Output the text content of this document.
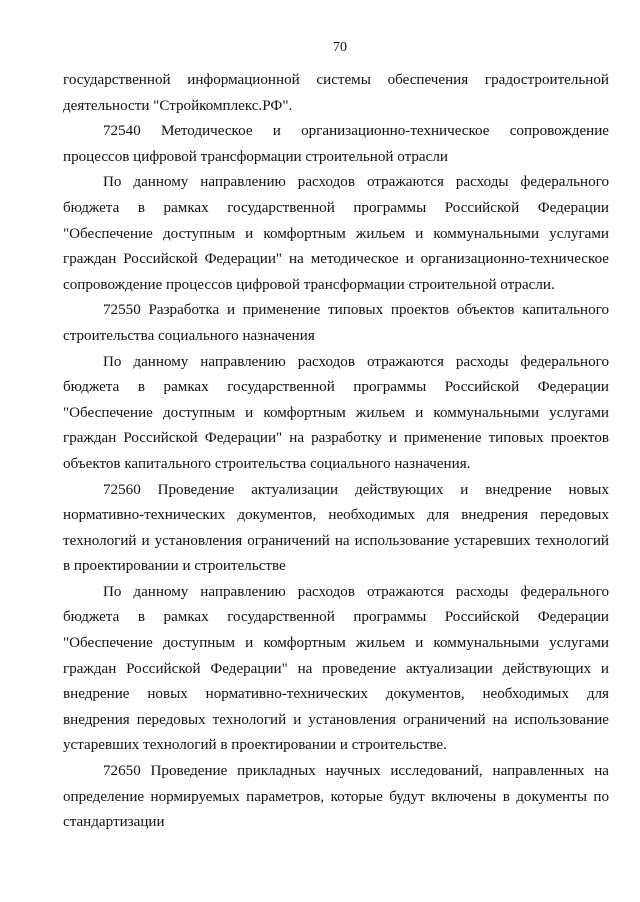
70

государственной информационной системы обеспечения градостроительной деятельности "Стройкомплекс.РФ".

72540 Методическое и организационно-техническое сопровождение процессов цифровой трансформации строительной отрасли

По данному направлению расходов отражаются расходы федерального бюджета в рамках государственной программы Российской Федерации "Обеспечение доступным и комфортным жильем и коммунальными услугами граждан Российской Федерации" на методическое и организационно-техническое сопровождение процессов цифровой трансформации строительной отрасли.

72550 Разработка и применение типовых проектов объектов капитального строительства социального назначения

По данному направлению расходов отражаются расходы федерального бюджета в рамках государственной программы Российской Федерации "Обеспечение доступным и комфортным жильем и коммунальными услугами граждан Российской Федерации" на разработку и применение типовых проектов объектов капитального строительства социального назначения.

72560 Проведение актуализации действующих и внедрение новых нормативно-технических документов, необходимых для внедрения передовых технологий и установления ограничений на использование устаревших технологий в проектировании и строительстве

По данному направлению расходов отражаются расходы федерального бюджета в рамках государственной программы Российской Федерации "Обеспечение доступным и комфортным жильем и коммунальными услугами граждан Российской Федерации" на проведение актуализации действующих и внедрение новых нормативно-технических документов, необходимых для внедрения передовых технологий и установления ограничений на использование устаревших технологий в проектировании и строительстве.

72650 Проведение прикладных научных исследований, направленных на определение нормируемых параметров, которые будут включены в документы по стандартизации
